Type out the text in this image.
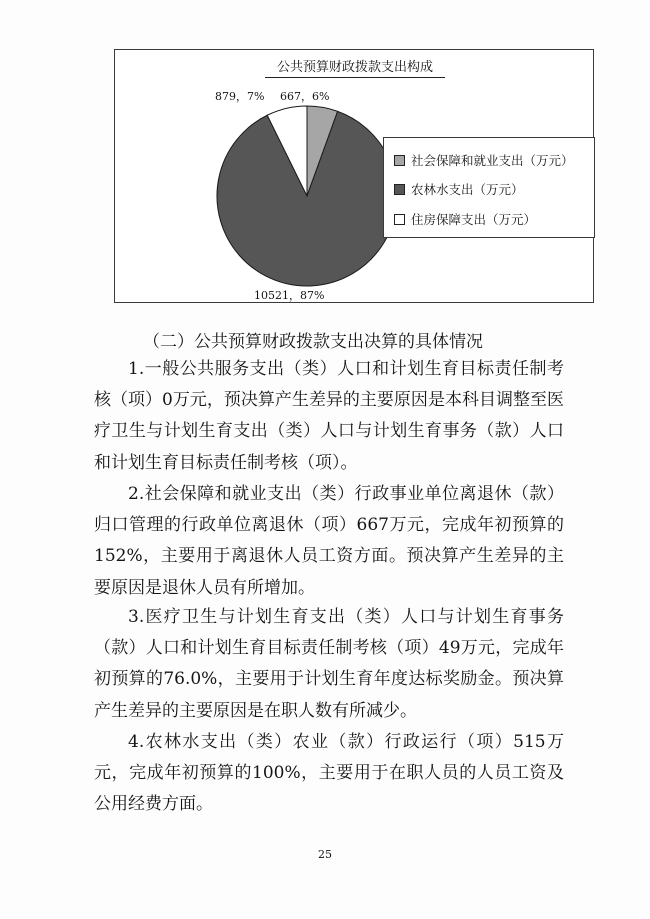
公共预算财政拨款支出构成
667，6%
879，7%
10521，87%
社会保障和就业支出（万元）
农林水支出（万元）
住房保障支出（万元）
（二）公共预算财政拨款支出决算的具体情况

1.一般公共服务支出（类）人口和计划生育目标责任制考核（项）0万元，预决算产生差异的主要原因是本科目调整至医疗卫生与计划生育支出（类）人口与计划生育事务（款）人口和计划生育目标责任制考核（项）。

2.社会保障和就业支出（类）行政事业单位离退休（款）归口管理的行政单位离退休（项）667万元，完成年初预算的152%，主要用于离退休人员工资方面。预决算产生差异的主要原因是退休人员有所增加。

3.医疗卫生与计划生育支出（类）人口与计划生育事务（款）人口和计划生育目标责任制考核（项）49万元，完成年初预算的76.0%，主要用于计划生育年度达标奖励金。预决算产生差异的主要原因是在职人数有所减少。

4.农林水支出（类）农业（款）行政运行（项）515万元，完成年初预算的100%，主要用于在职人员的人员工资及公用经费方面。

25
